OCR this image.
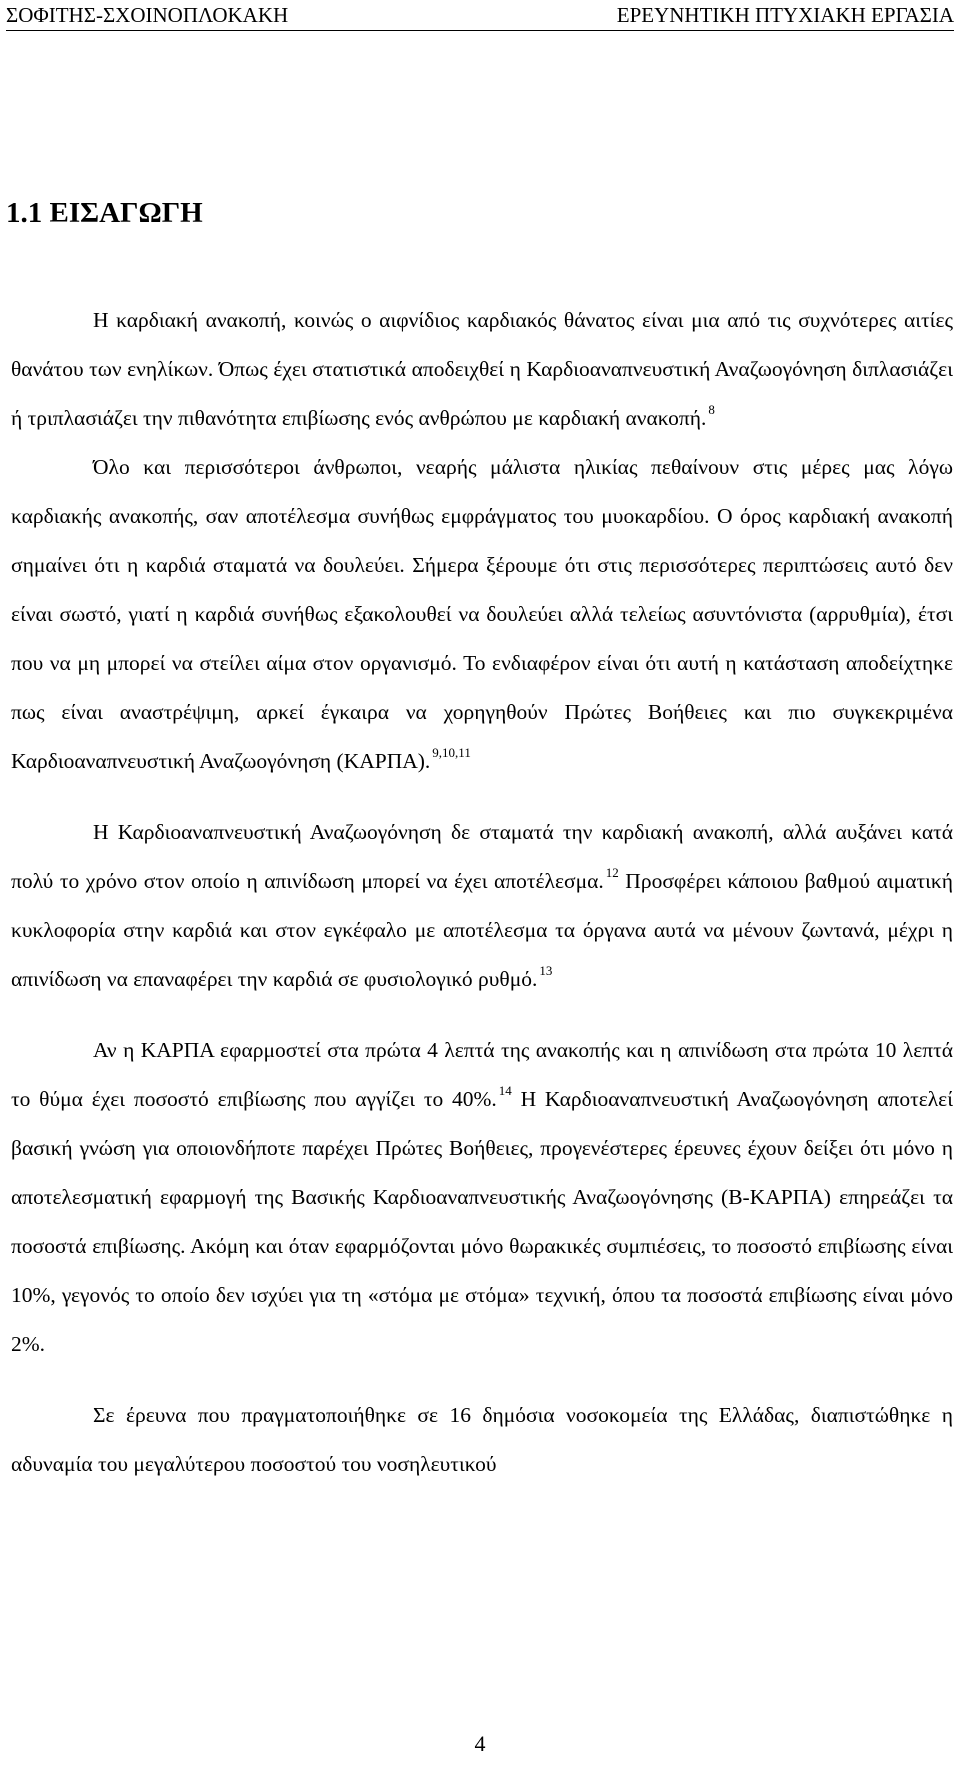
ΣΟΦΙΤΗΣ-ΣΧΟΙΝΟΠΛΟΚΑΚΗ	ΕΡΕΥΝΗΤΙΚΗ ΠΤΥΧΙΑΚΗ ΕΡΓΑΣΙΑ
1.1 ΕΙΣΑΓΩΓΗ

Η καρδιακή ανακοπή, κοινώς ο αιφνίδιος καρδιακός θάνατος είναι μια από τις συχνότερες αιτίες θανάτου των ενηλίκων. Όπως έχει στατιστικά αποδειχθεί η Καρδιοαναπνευστική Αναζωογόνηση διπλασιάζει ή τριπλασιάζει την πιθανότητα επιβίωσης ενός ανθρώπου με καρδιακή ανακοπή. $^8$

Όλο και περισσότεροι άνθρωποι, νεαρής μάλιστα ηλικίας πεθαίνουν στις μέρες μας λόγω καρδιακής ανακοπής, σαν αποτέλεσμα συνήθως εμφράγματος του μυοκαρδίου. Ο όρος καρδιακή ανακοπή σημαίνει ότι η καρδιά σταματά να δουλεύει. Σήμερα ξέρουμε ότι στις περισσότερες περιπτώσεις αυτό δεν είναι σωστό, γιατί η καρδιά συνήθως εξακολουθεί να δουλεύει αλλά τελείως ασυντόνιστα (αρρυθμία), έτσι που να μη μπορεί να στείλει αίμα στον οργανισμό. Το ενδιαφέρον είναι ότι αυτή η κατάσταση αποδείχτηκε πως είναι αναστρέψιμη, αρκεί έγκαιρα να χορηγηθούν Πρώτες Βοήθειες και πιο συγκεκριμένα Καρδιοαναπνευστική Αναζωογόνηση (ΚΑΡΠΑ). $^{9,10,11}$

Η Καρδιοαναπνευστική Αναζωογόνηση δε σταματά την καρδιακή ανακοπή, αλλά αυξάνει κατά πολύ το χρόνο στον οποίο η απινίδωση μπορεί να έχει αποτέλεσμα. $^{12}$ Προσφέρει κάποιου βαθμού αιματική κυκλοφορία στην καρδιά και στον εγκέφαλο με αποτέλεσμα τα όργανα αυτά να μένουν ζωντανά, μέχρι η απινίδωση να επαναφέρει την καρδιά σε φυσιολογικό ρυθμό. $^{13}$

Αν η ΚΑΡΠΑ εφαρμοστεί στα πρώτα 4 λεπτά της ανακοπής και η απινίδωση στα πρώτα 10 λεπτά το θύμα έχει ποσοστό επιβίωσης που αγγίζει το 40%. $^{14}$ Η Καρδιοαναπνευστική Αναζωογόνηση αποτελεί βασική γνώση για οποιονδήποτε παρέχει Πρώτες Βοήθειες, προγενέστερες έρευνες έχουν δείξει ότι μόνο η αποτελεσματική εφαρμογή της Βασικής Καρδιοαναπνευστικής Αναζωογόνησης (Β-ΚΑΡΠΑ) επηρεάζει τα ποσοστά επιβίωσης. Ακόμη και όταν εφαρμόζονται μόνο θωρακικές συμπιέσεις, το ποσοστό επιβίωσης είναι 10%, γεγονός το οποίο δεν ισχύει για τη «στόμα με στόμα» τεχνική, όπου τα ποσοστά επιβίωσης είναι μόνο 2%.

Σε έρευνα που πραγματοποιήθηκε σε 16 δημόσια νοσοκομεία της Ελλάδας, διαπιστώθηκε η αδυναμία του μεγαλύτερου ποσοστού του νοσηλευτικού

4
